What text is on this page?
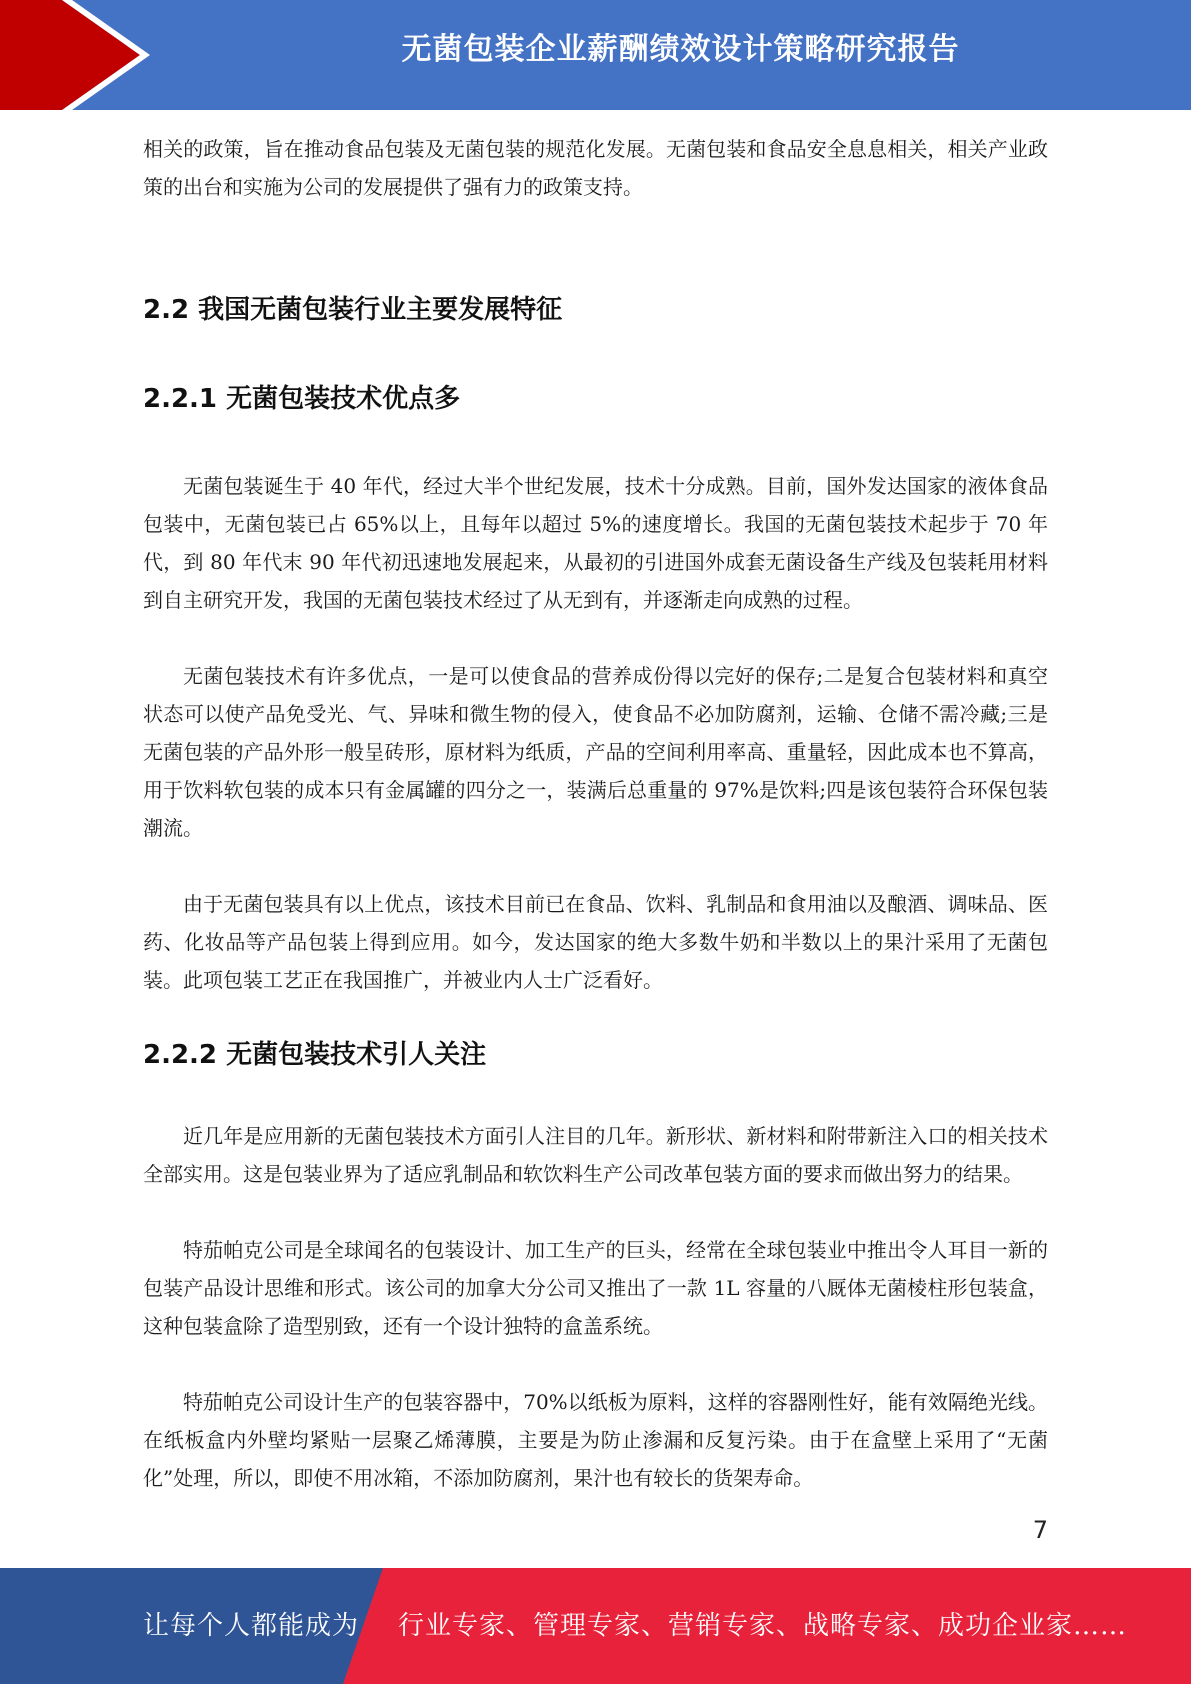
无菌包装企业薪酬绩效设计策略研究报告

相关的政策，旨在推动食品包装及无菌包装的规范化发展。无菌包装和食品安全息息相关，相关产业政策的出台和实施为公司的发展提供了强有力的政策支持。

2.2 我国无菌包装行业主要发展特征
2.2.1 无菌包装技术优点多

无菌包装诞生于 40 年代，经过大半个世纪发展，技术十分成熟。目前，国外发达国家的液体食品包装中，无菌包装已占 65%以上，且每年以超过 5%的速度增长。我国的无菌包装技术起步于 70 年代，到 80 年代末 90 年代初迅速地发展起来，从最初的引进国外成套无菌设备生产线及包装耗用材料到自主研究开发，我国的无菌包装技术经过了从无到有，并逐渐走向成熟的过程。

无菌包装技术有许多优点，一是可以使食品的营养成份得以完好的保存;二是复合包装材料和真空状态可以使产品免受光、气、异味和微生物的侵入，使食品不必加防腐剂，运输、仓储不需冷藏;三是无菌包装的产品外形一般呈砖形，原材料为纸质，产品的空间利用率高、重量轻，因此成本也不算高，用于饮料软包装的成本只有金属罐的四分之一，装满后总重量的 97%是饮料;四是该包装符合环保包装潮流。

由于无菌包装具有以上优点，该技术目前已在食品、饮料、乳制品和食用油以及酿酒、调味品、医药、化妆品等产品包装上得到应用。如今，发达国家的绝大多数牛奶和半数以上的果汁采用了无菌包装。此项包装工艺正在我国推广，并被业内人士广泛看好。

2.2.2 无菌包装技术引人关注

近几年是应用新的无菌包装技术方面引人注目的几年。新形状、新材料和附带新注入口的相关技术全部实用。这是包装业界为了适应乳制品和软饮料生产公司改革包装方面的要求而做出努力的结果。

特茄帕克公司是全球闻名的包装设计、加工生产的巨头，经常在全球包装业中推出令人耳目一新的包装产品设计思维和形式。该公司的加拿大分公司又推出了一款 1L 容量的八厩体无菌棱柱形包装盒，这种包装盒除了造型别致，还有一个设计独特的盒盖系统。

特茄帕克公司设计生产的包装容器中，70%以纸板为原料，这样的容器刚性好，能有效隔绝光线。在纸板盒内外壁均紧贴一层聚乙烯薄膜，主要是为防止渗漏和反复污染。由于在盒壁上采用了“无菌化”处理，所以，即使不用冰箱，不添加防腐剂，果汁也有较长的货架寿命。

7
让每个人都能成为 行业专家、管理专家、营销专家、战略专家、成功企业家……
